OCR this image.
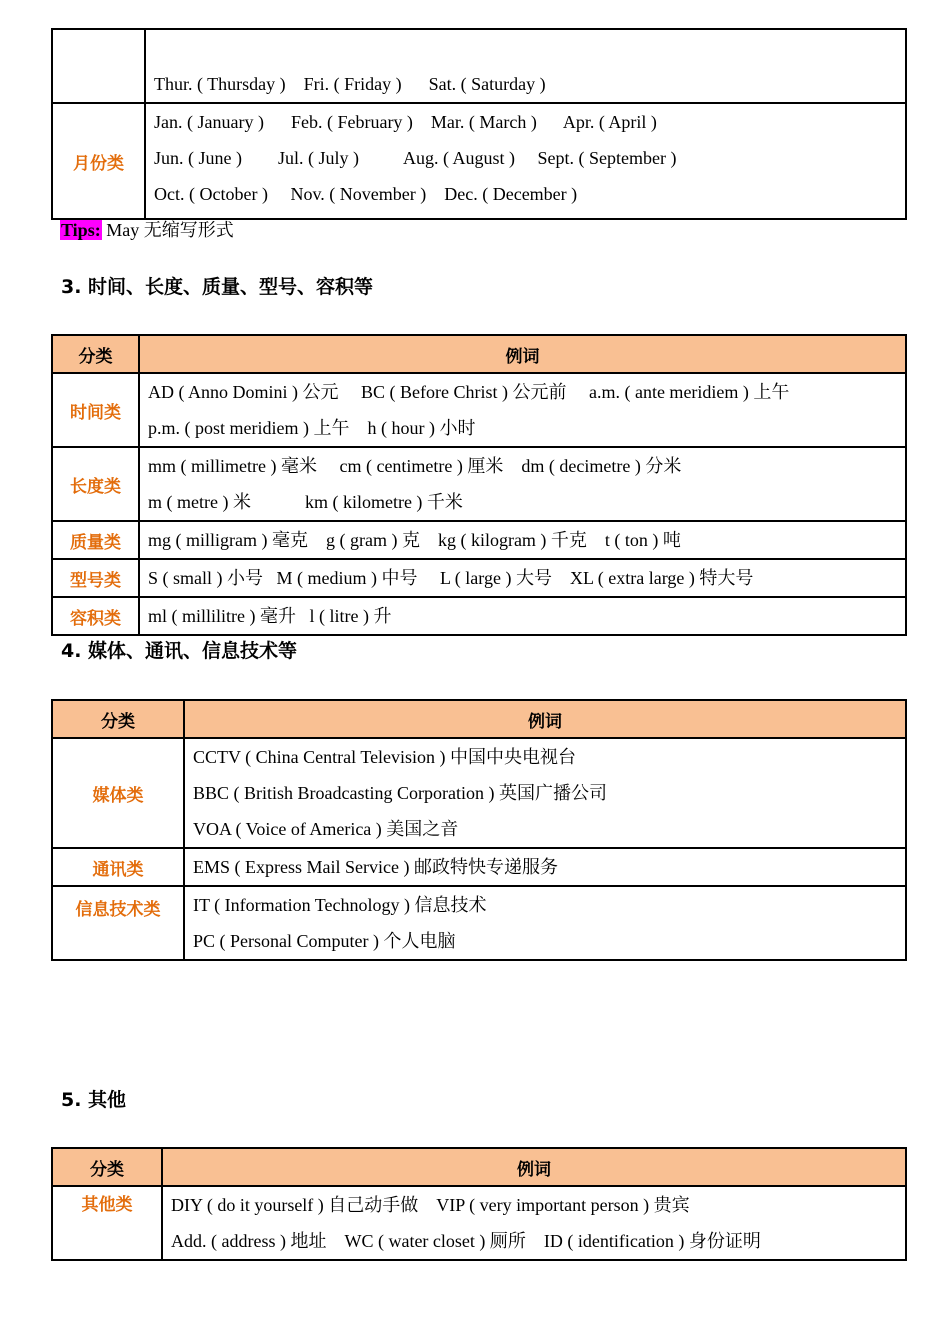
	Thur. ( Thursday )    Fri. ( Friday )      Sat. ( Saturday )

月份类	Jan. ( January )      Feb. ( February )    Mar. ( March )      Apr. ( April )
Jun. ( June )        Jul. ( July )          Aug. ( August )     Sept. ( September )
Oct. ( October )     Nov. ( November )    Dec. ( December )
Tips: May 无缩写形式
3. 时间、长度、质量、型号、容积等
分类	例词
时间类	AD ( Anno Domini ) 公元     BC ( Before Christ ) 公元前     a.m. ( ante meridiem ) 上午
p.m. ( post meridiem ) 上午    h ( hour ) 小时

长度类	mm ( millimetre ) 毫米     cm ( centimetre ) 厘米    dm ( decimetre ) 分米
m ( metre ) 米            km ( kilometre ) 千米

质量类	mg ( milligram ) 毫克    g ( gram ) 克    kg ( kilogram ) 千克    t ( ton ) 吨

型号类	S ( small ) 小号   M ( medium ) 中号     L ( large ) 大号    XL ( extra large ) 特大号

容积类	ml ( millilitre ) 毫升   l ( litre ) 升
4. 媒体、通讯、信息技术等
分类	例词
媒体类	CCTV ( China Central Television ) 中国中央电视台
BBC ( British Broadcasting Corporation ) 英国广播公司
VOA ( Voice of America ) 美国之音

通讯类	EMS ( Express Mail Service ) 邮政特快专递服务

信息技术类	IT ( Information Technology ) 信息技术
PC ( Personal Computer ) 个人电脑
5. 其他
分类	例词

其他类	DIY ( do it yourself ) 自己动手做    VIP ( very important person ) 贵宾
Add. ( address ) 地址    WC ( water closet ) 厕所    ID ( identification ) 身份证明
